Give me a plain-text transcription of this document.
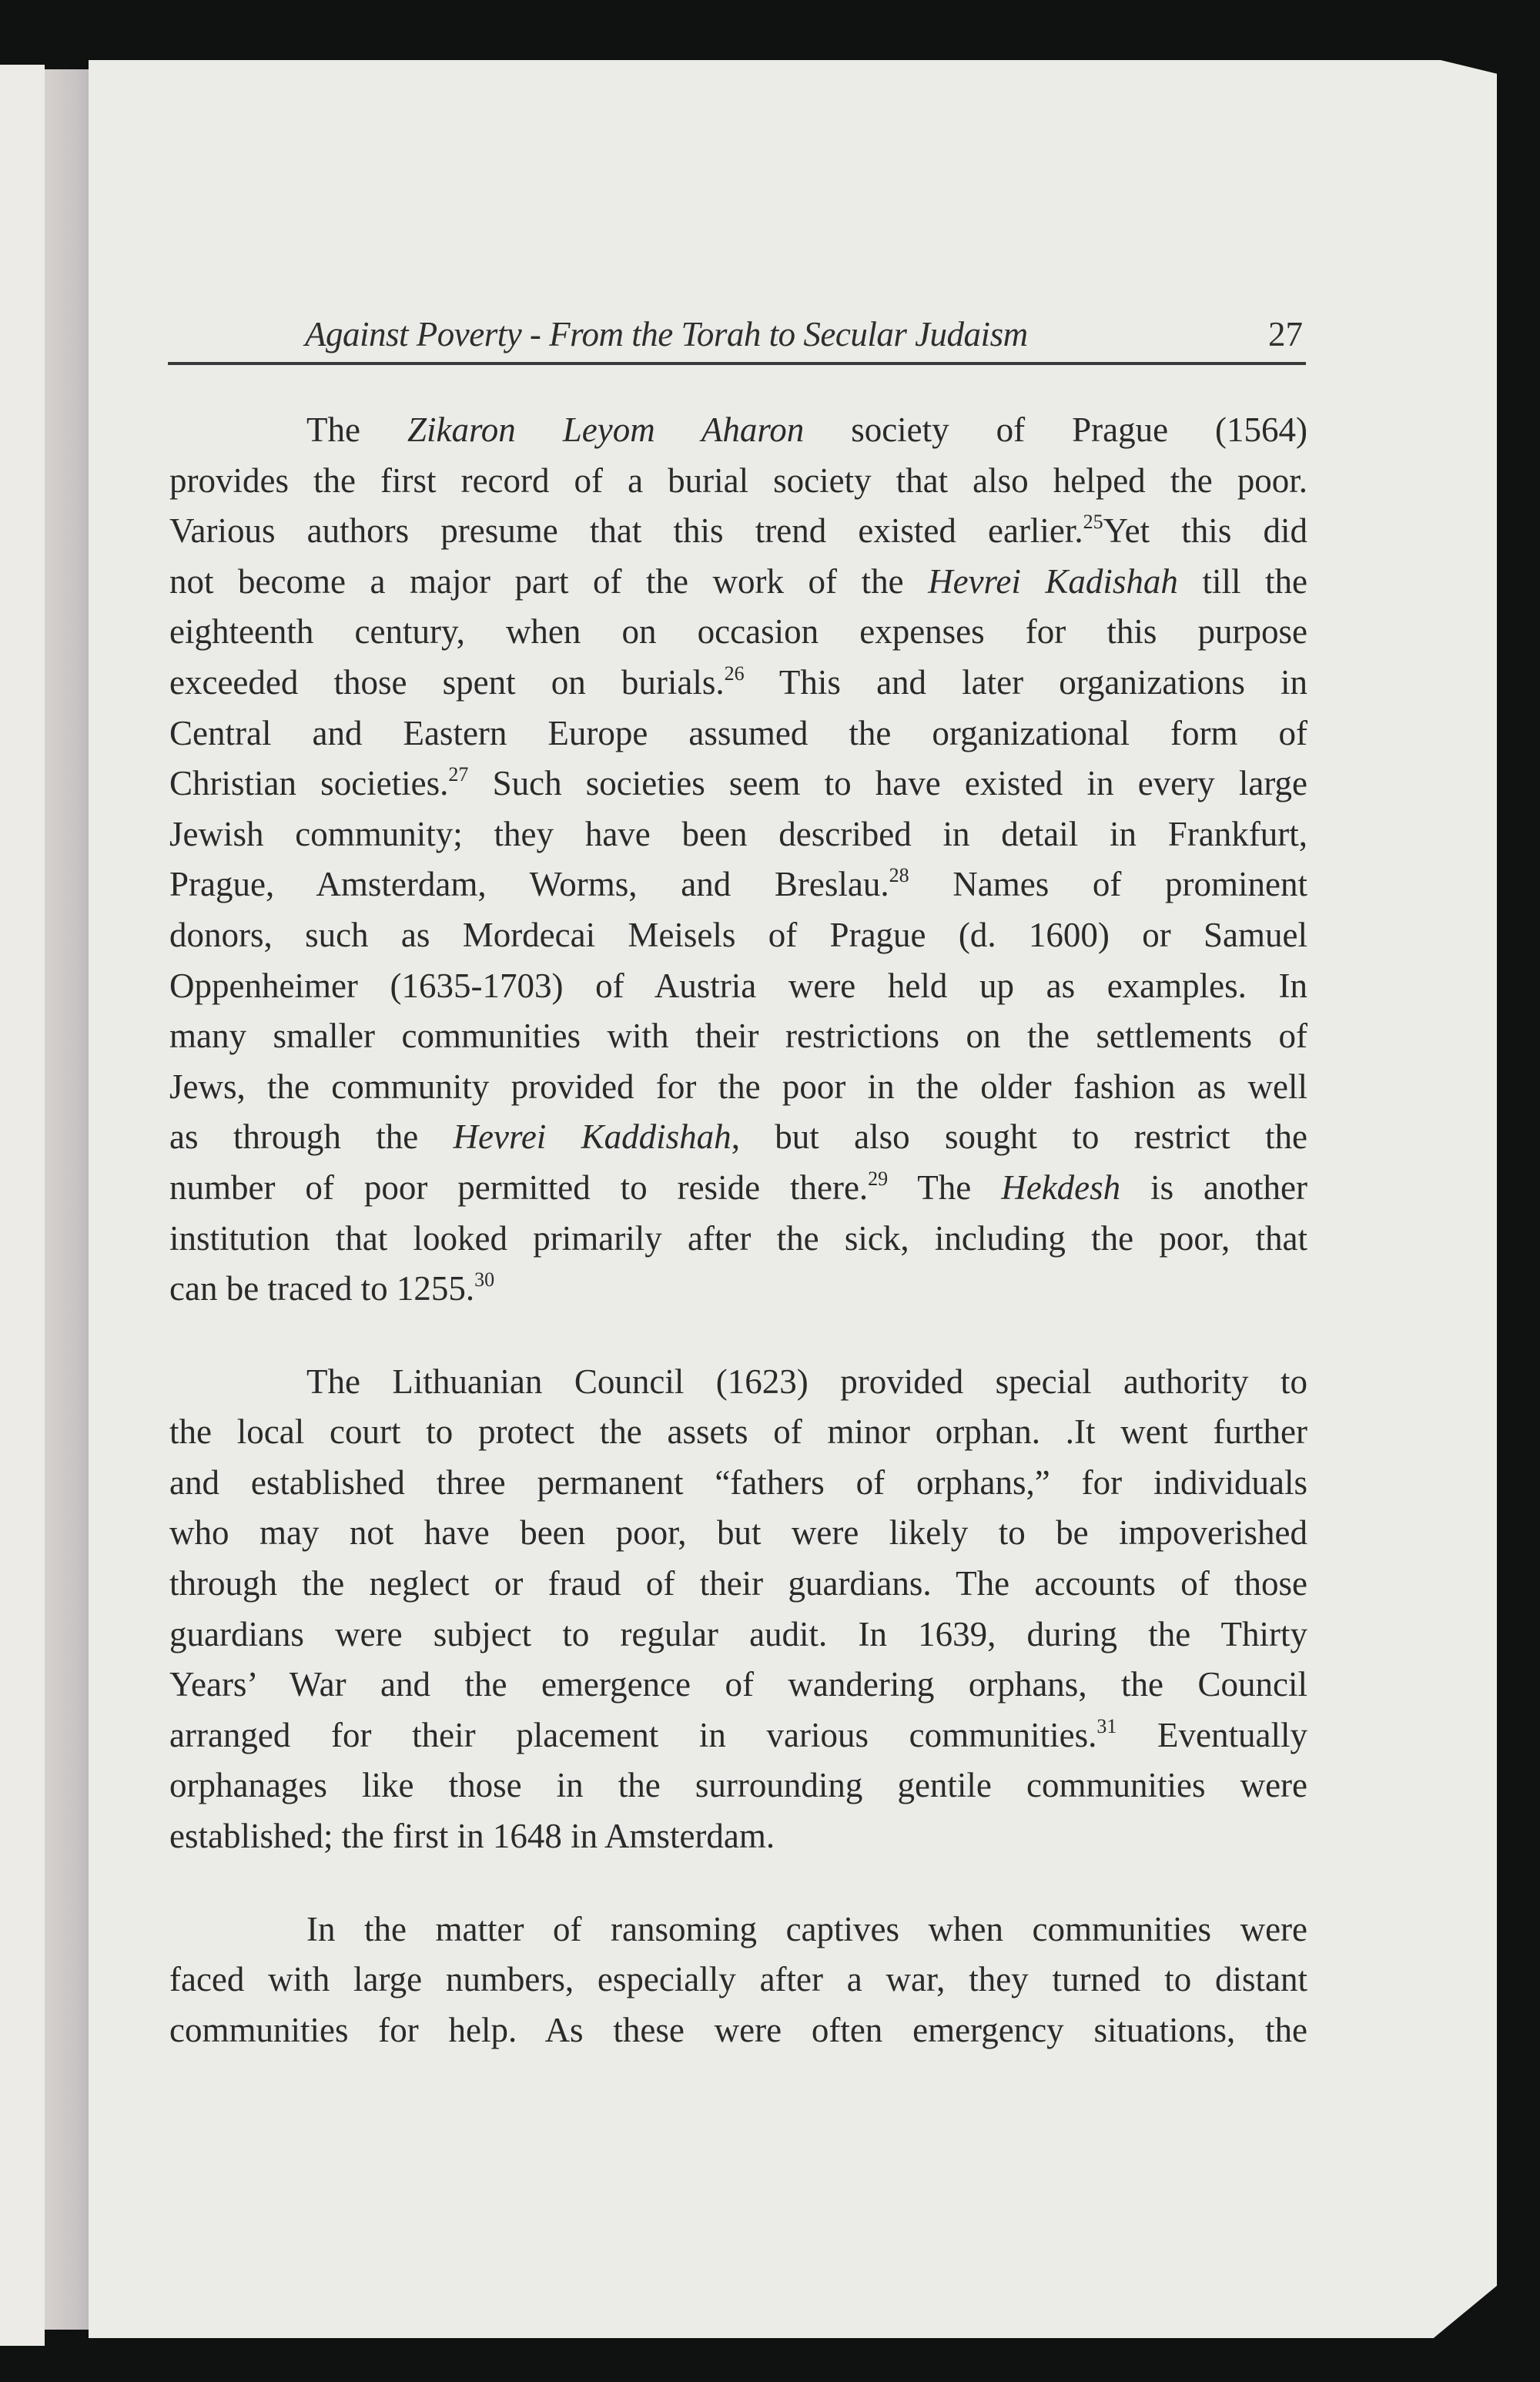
Against Poverty - From the Torah to Secular Judaism	27

The Zikaron Leyom Aharon society of Prague (1564)
provides the first record of a burial society that also helped the poor.
Various authors presume that this trend existed earlier.$^{25}$Yet this did
not become a major part of the work of the Hevrei Kadishah till the
eighteenth century, when on occasion expenses for this purpose
exceeded those spent on burials.$^{26}$ This and later organizations in
Central and Eastern Europe assumed the organizational form of
Christian societies.$^{27}$ Such societies seem to have existed in every large
Jewish community; they have been described in detail in Frankfurt,
Prague, Amsterdam, Worms, and Breslau.$^{28}$ Names of prominent
donors, such as Mordecai Meisels of Prague (d. 1600) or Samuel
Oppenheimer (1635-1703) of Austria were held up as examples. In
many smaller communities with their restrictions on the settlements of
Jews, the community provided for the poor in the older fashion as well
as through the Hevrei Kaddishah, but also sought to restrict the
number of poor permitted to reside there.$^{29}$ The Hekdesh is another
institution that looked primarily after the sick, including the poor, that
can be traced to 1255.30

The Lithuanian Council (1623) provided special authority to
the local court to protect the assets of minor orphan. .It went further
and established three permanent “fathers of orphans,” for individuals
who may not have been poor, but were likely to be impoverished
through the neglect or fraud of their guardians. The accounts of those
guardians were subject to regular audit. In 1639, during the Thirty
Years’ War and the emergence of wandering orphans, the Council
arranged for their placement in various communities.$^{31}$ Eventually
orphanages like those in the surrounding gentile communities were
established; the first in 1648 in Amsterdam.

In the matter of ransoming captives when communities were
faced with large numbers, especially after a war, they turned to distant
communities for help. As these were often emergency situations, the
